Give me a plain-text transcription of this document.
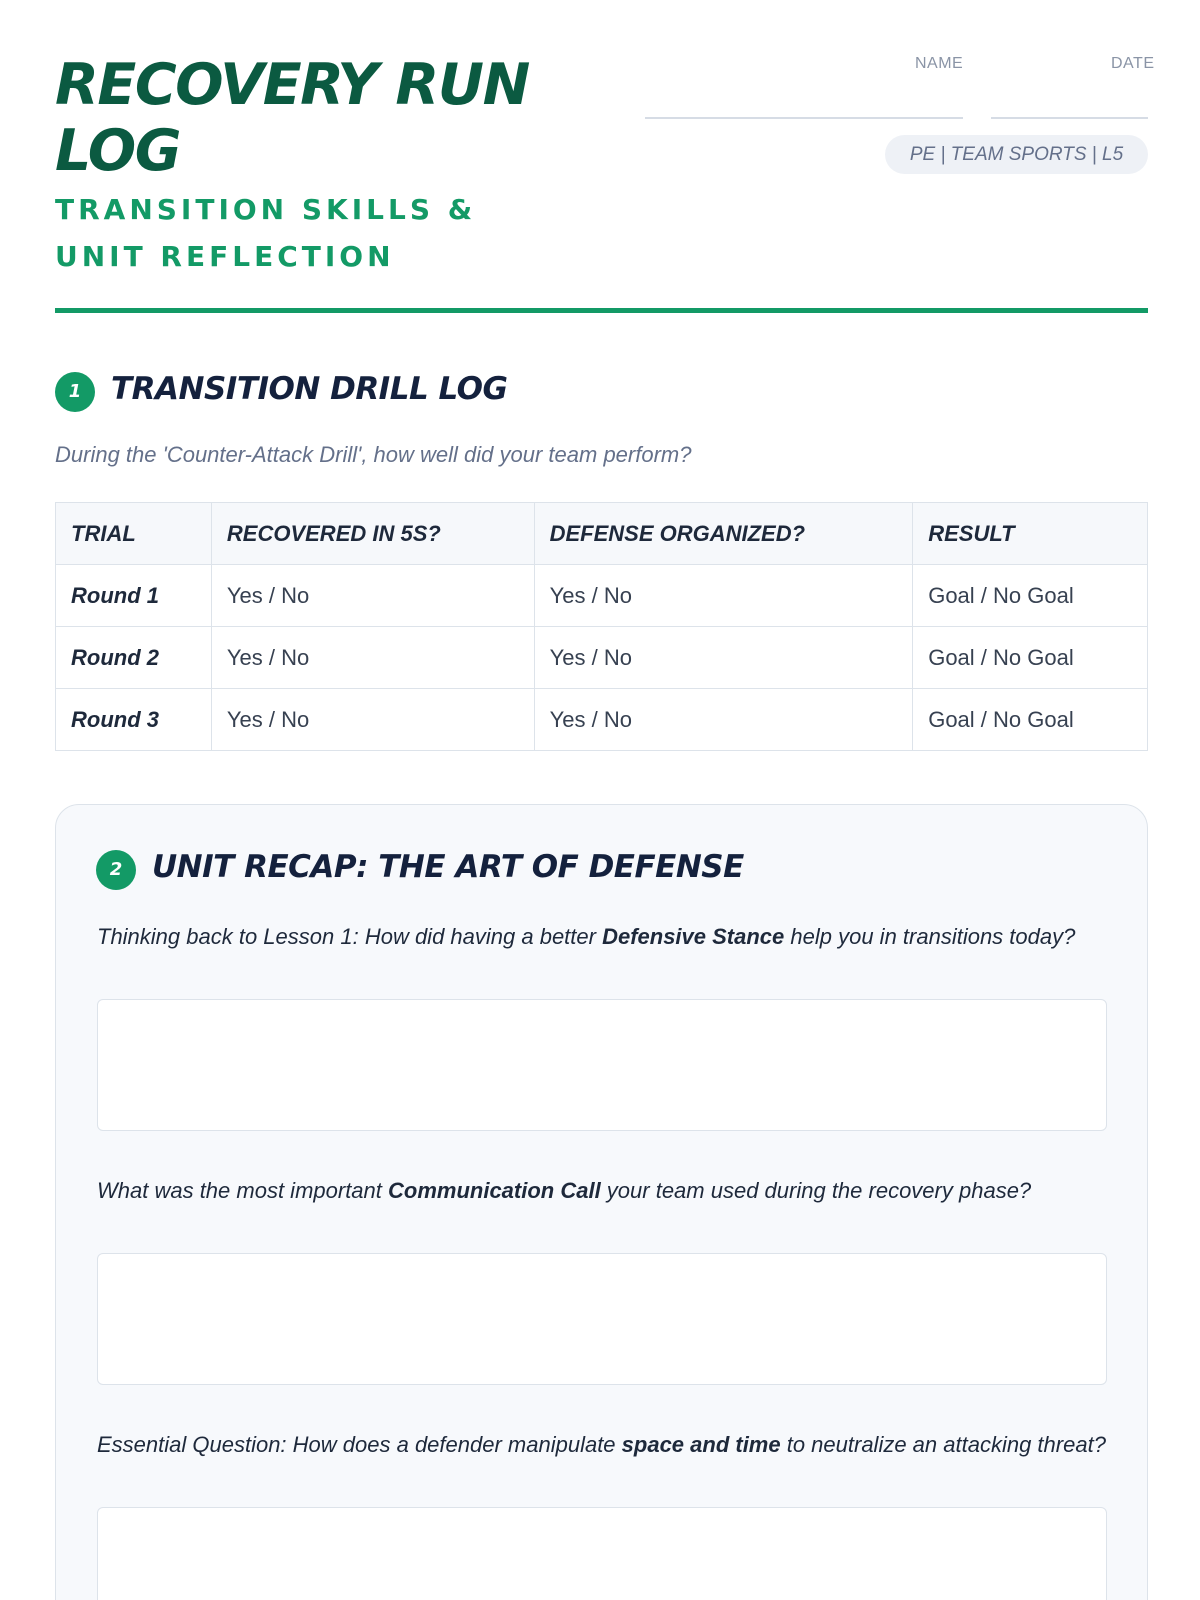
RECOVERY RUN LOG
TRANSITION SKILLS & UNIT REFLECTION
NAME	DATE
PE | TEAM SPORTS | L5
1 TRANSITION DRILL LOG
During the 'Counter-Attack Drill', how well did your team perform?
TRIAL	RECOVERED IN 5S?	DEFENSE ORGANIZED?	RESULT
Round 1	Yes / No	Yes / No	Goal / No Goal
Round 2	Yes / No	Yes / No	Goal / No Goal
Round 3	Yes / No	Yes / No	Goal / No Goal
2 UNIT RECAP: THE ART OF DEFENSE
Thinking back to Lesson 1: How did having a better Defensive Stance help you in transitions today?
What was the most important Communication Call your team used during the recovery phase?
Essential Question: How does a defender manipulate space and time to neutralize an attacking threat?
